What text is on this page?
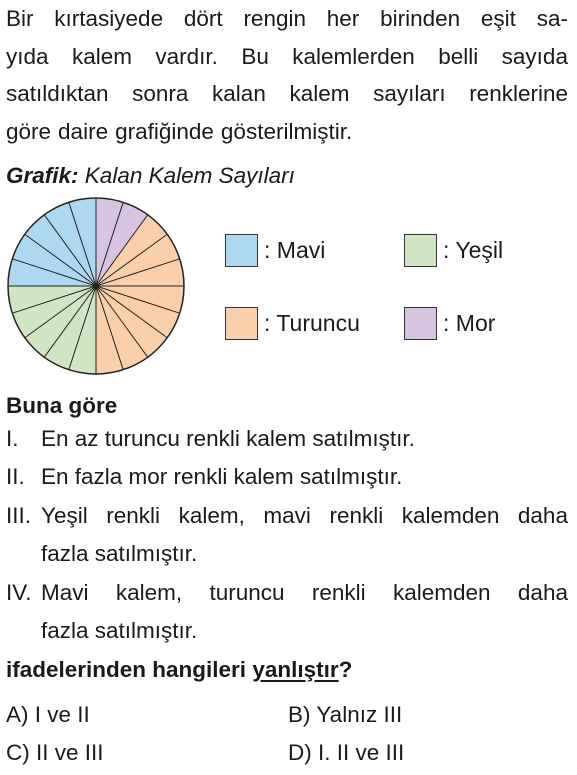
Bir kırtasiyede dört rengin her birinden eşit sa-
yıda kalem vardır. Bu kalemlerden belli sayıda
satıldıktan sonra kalan kalem sayıları renklerine
göre daire grafiğinde gösterilmiştir.
Grafik: Kalan Kalem Sayıları
: Mavi	: Yeşil
: Turuncu	: Mor
Buna göre
I. En az turuncu renkli kalem satılmıştır.
II. En fazla mor renkli kalem satılmıştır.
III. Yeşil renkli kalem, mavi renkli kalemden daha
fazla satılmıştır.
IV. Mavi kalem, turuncu renkli kalemden daha
fazla satılmıştır.
ifadelerinden hangileri yanlıştır?
A) I ve II	B) Yalnız III
C) II ve III	D) I. II ve III
